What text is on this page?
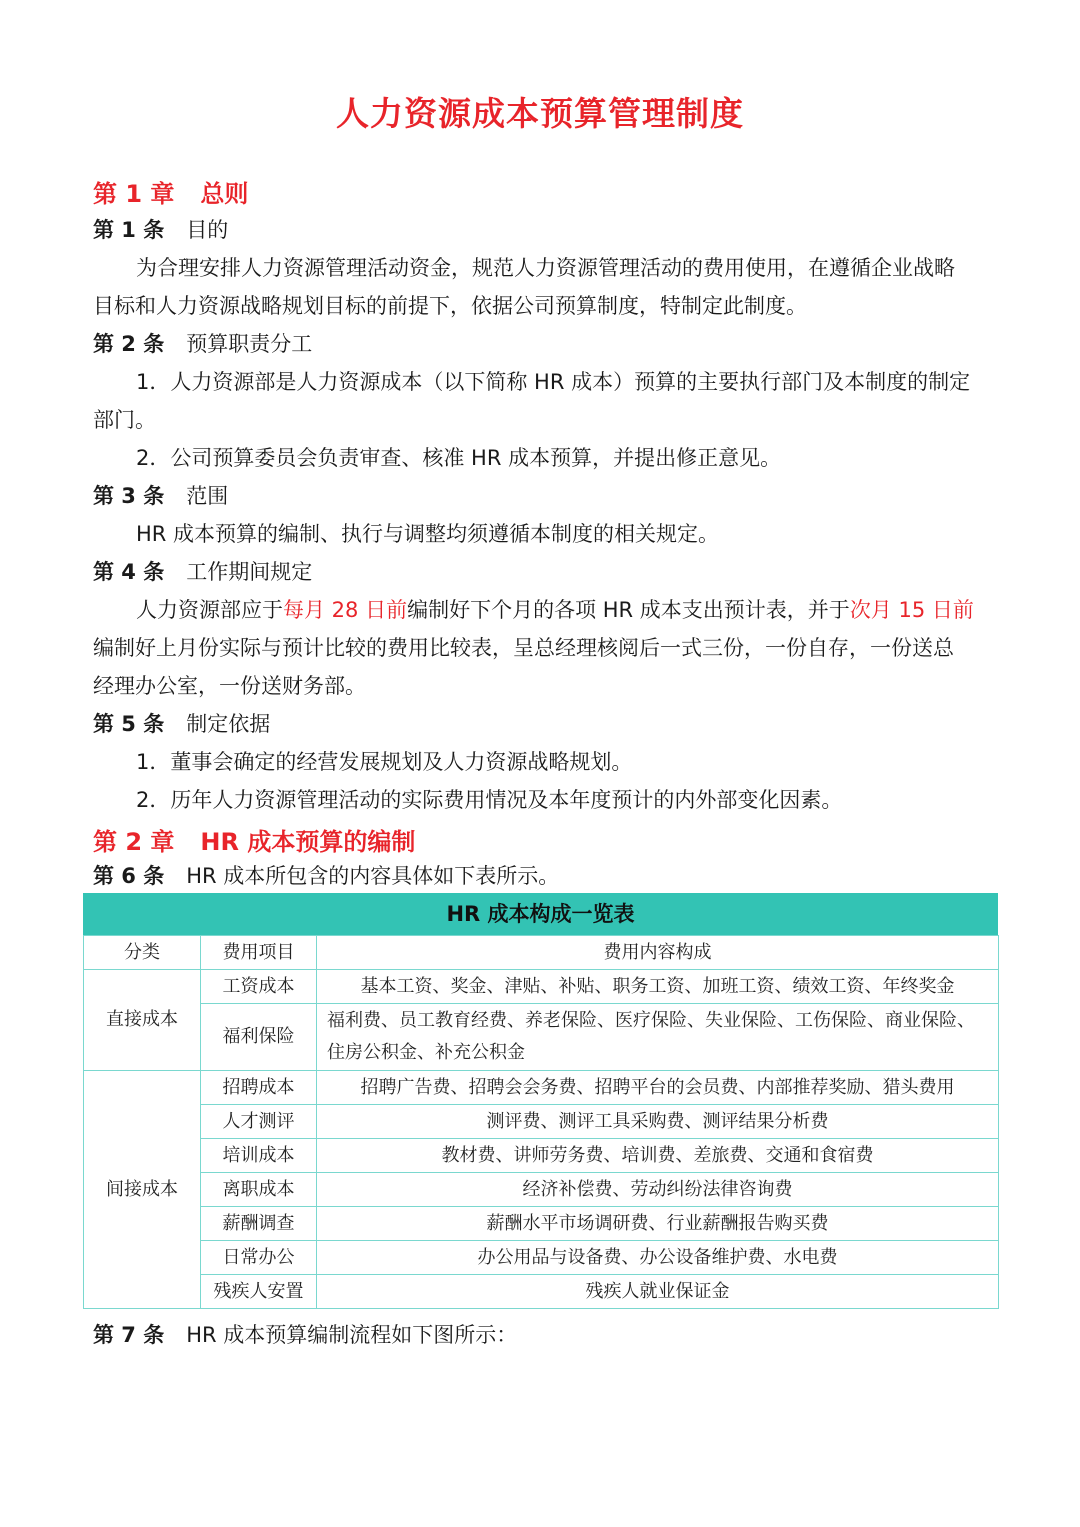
人力资源成本预算管理制度
第 1 章 总则
第 1 条 目的
为合理安排人力资源管理活动资金，规范人力资源管理活动的费用使用，在遵循企业战略
目标和人力资源战略规划目标的前提下，依据公司预算制度，特制定此制度。
第 2 条 预算职责分工
1．人力资源部是人力资源成本（以下简称 HR 成本）预算的主要执行部门及本制度的制定
部门。
2．公司预算委员会负责审查、核准 HR 成本预算，并提出修正意见。
第 3 条 范围
HR 成本预算的编制、执行与调整均须遵循本制度的相关规定。
第 4 条 工作期间规定
人力资源部应于每月 28 日前编制好下个月的各项 HR 成本支出预计表，并于次月 15 日前
编制好上月份实际与预计比较的费用比较表，呈总经理核阅后一式三份，一份自存，一份送总
经理办公室，一份送财务部。
第 5 条 制定依据
1．董事会确定的经营发展规划及人力资源战略规划。
2．历年人力资源管理活动的实际费用情况及本年度预计的内外部变化因素。
第 2 章 HR 成本预算的编制
第 6 条 HR 成本所包含的内容具体如下表所示。
HR 成本构成一览表
分类	费用项目	费用内容构成
直接成本	工资成本	基本工资、奖金、津贴、补贴、职务工资、加班工资、绩效工资、年终奖金
	福利保险	福利费、员工教育经费、养老保险、医疗保险、失业保险、工伤保险、商业保险、
住房公积金、补充公积金

间接成本	招聘成本	招聘广告费、招聘会会务费、招聘平台的会员费、内部推荐奖励、猎头费用
	人才测评	测评费、测评工具采购费、测评结果分析费
	培训成本	教材费、讲师劳务费、培训费、差旅费、交通和食宿费
	离职成本	经济补偿费、劳动纠纷法律咨询费
	薪酬调查	薪酬水平市场调研费、行业薪酬报告购买费
	日常办公	办公用品与设备费、办公设备维护费、水电费
	残疾人安置	残疾人就业保证金
第 7 条 HR 成本预算编制流程如下图所示：
